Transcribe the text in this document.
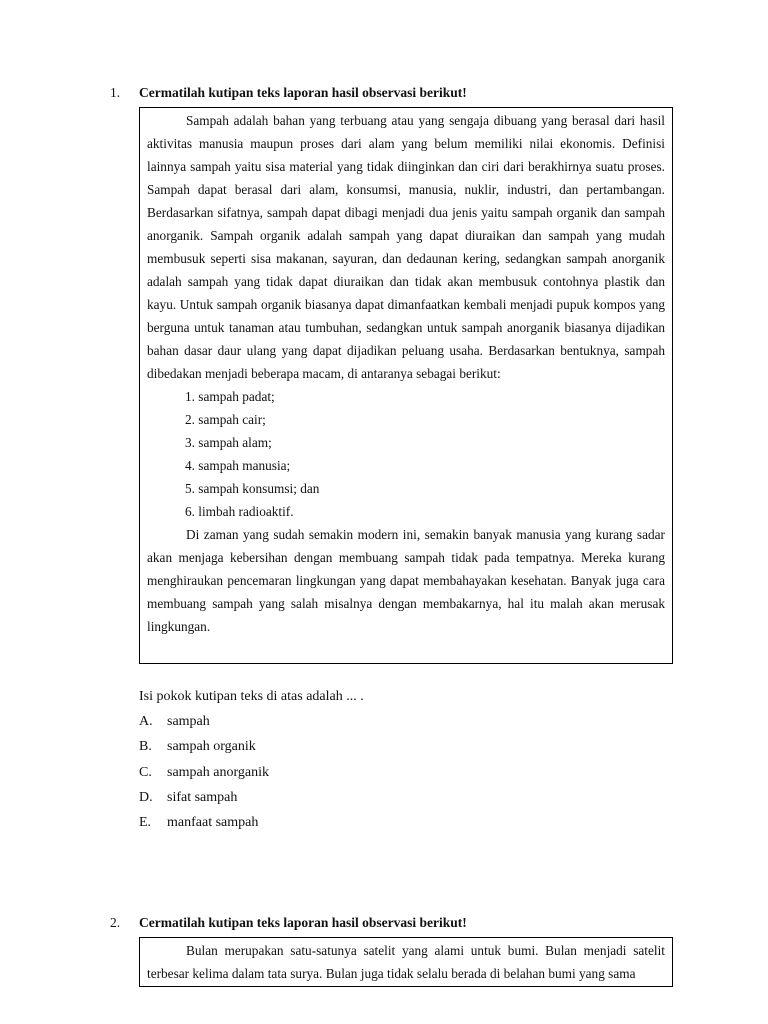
1. Cermatilah kutipan teks laporan hasil observasi berikut!

Sampah adalah bahan yang terbuang atau yang sengaja dibuang yang berasal dari hasil aktivitas manusia maupun proses dari alam yang belum memiliki nilai ekonomis. Definisi lainnya sampah yaitu sisa material yang tidak diinginkan dan ciri dari berakhirnya suatu proses. Sampah dapat berasal dari alam, konsumsi, manusia, nuklir, industri, dan pertambangan. Berdasarkan sifatnya, sampah dapat dibagi menjadi dua jenis yaitu sampah organik dan sampah anorganik. Sampah organik adalah sampah yang dapat diuraikan dan sampah yang mudah membusuk seperti sisa makanan, sayuran, dan dedaunan kering, sedangkan sampah anorganik adalah sampah yang tidak dapat diuraikan dan tidak akan membusuk contohnya plastik dan kayu. Untuk sampah organik biasanya dapat dimanfaatkan kembali menjadi pupuk kompos yang berguna untuk tanaman atau tumbuhan, sedangkan untuk sampah anorganik biasanya dijadikan bahan dasar daur ulang yang dapat dijadikan peluang usaha. Berdasarkan bentuknya, sampah dibedakan menjadi beberapa macam, di antaranya sebagai berikut:

1. sampah padat;
2. sampah cair;
3. sampah alam;
4. sampah manusia;
5. sampah konsumsi; dan
6. limbah radioaktif.

Di zaman yang sudah semakin modern ini, semakin banyak manusia yang kurang sadar akan menjaga kebersihan dengan membuang sampah tidak pada tempatnya. Mereka kurang menghiraukan pencemaran lingkungan yang dapat membahayakan kesehatan. Banyak juga cara membuang sampah yang salah misalnya dengan membakarnya, hal itu malah akan merusak lingkungan.

Isi pokok kutipan teks di atas adalah ... .
A. sampah
B. sampah organik
C. sampah anorganik
D. sifat sampah
E. manfaat sampah
2. Cermatilah kutipan teks laporan hasil observasi berikut!

Bulan merupakan satu-satunya satelit yang alami untuk bumi. Bulan menjadi satelit terbesar kelima dalam tata surya. Bulan juga tidak selalu berada di belahan bumi yang sama
